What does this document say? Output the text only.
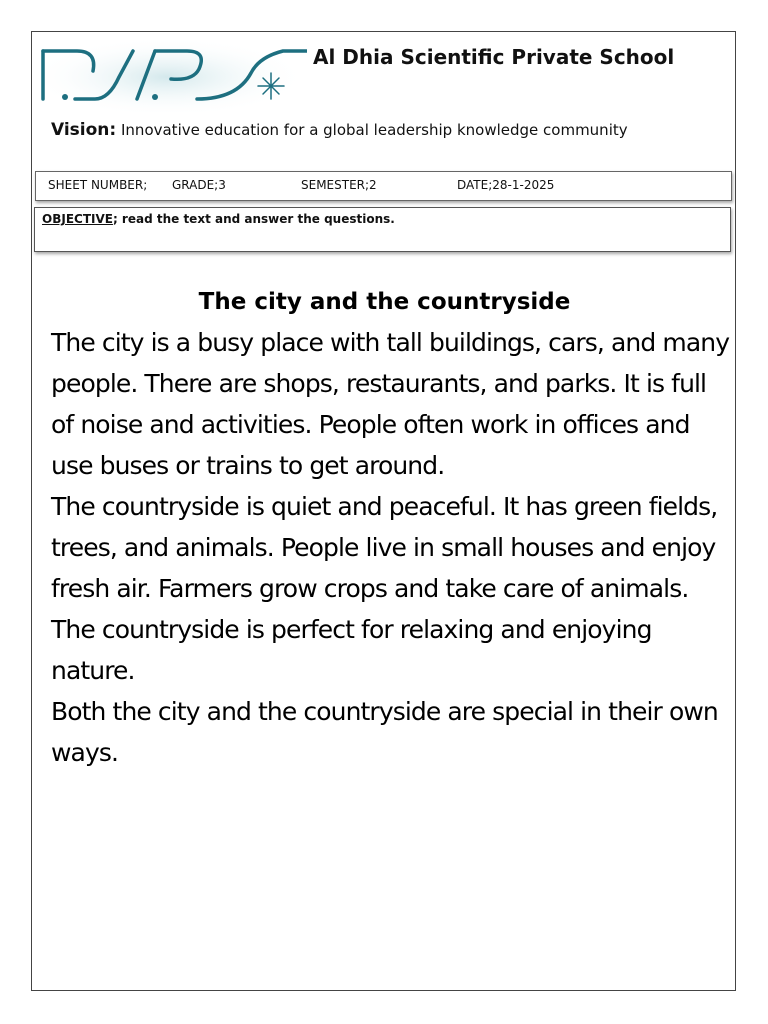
Al Dhia Scientific Private School
Vision: Innovative education for a global leadership knowledge community
SHEET NUMBER; GRADE;3	SEMESTER;2	DATE;28-1-2025
OBJECTIVE; read the text and answer the questions.
The city and the countryside

The city is a busy place with tall buildings, cars, and many people. There are shops, restaurants, and parks. It is full of noise and activities. People often work in offices and use buses or trains to get around.

The countryside is quiet and peaceful. It has green fields, trees, and animals. People live in small houses and enjoy fresh air. Farmers grow crops and take care of animals. The countryside is perfect for relaxing and enjoying nature.

Both the city and the countryside are special in their own ways.
